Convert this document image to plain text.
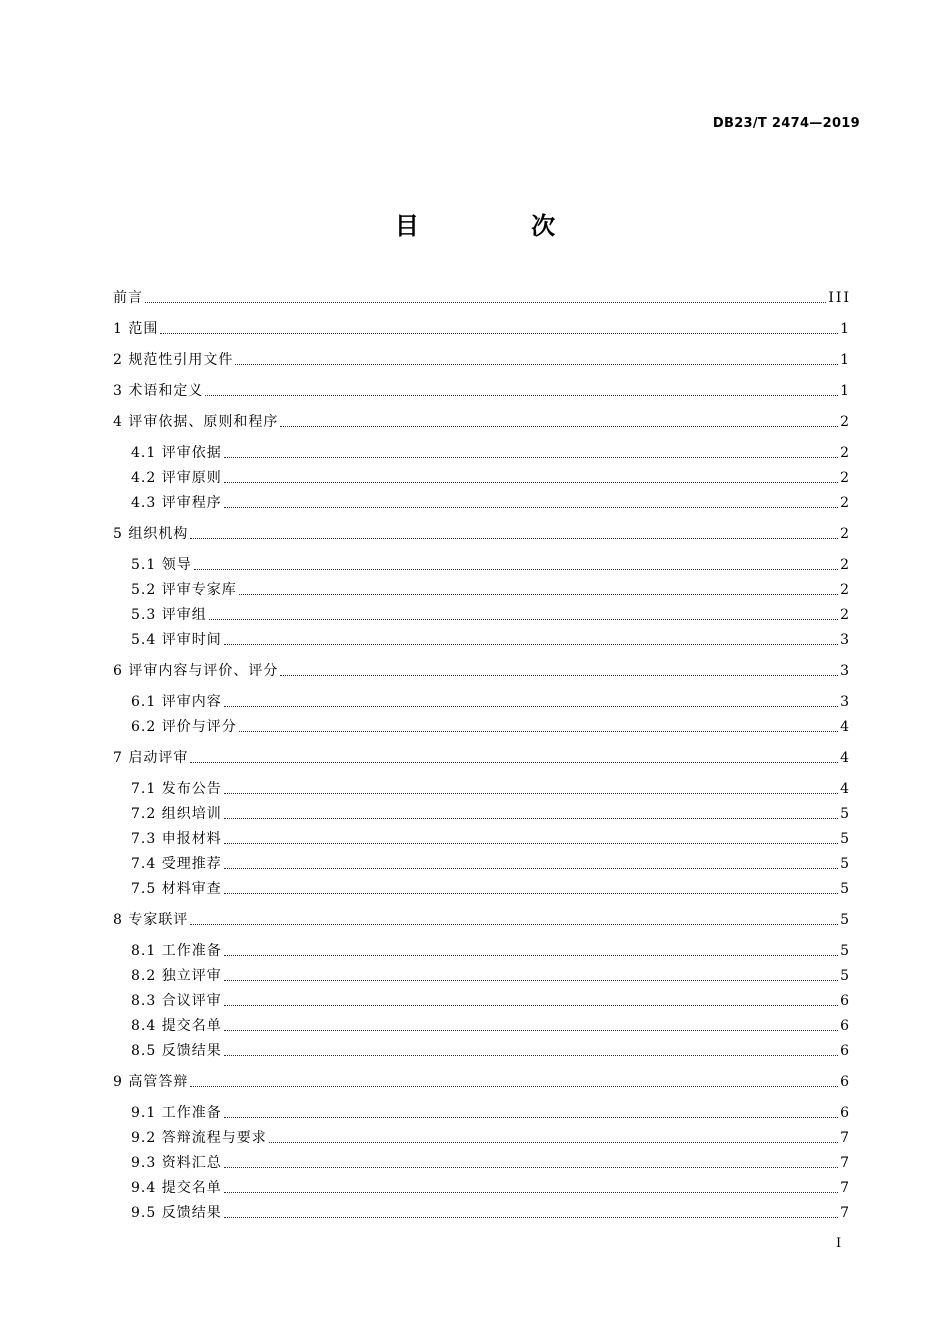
DB23/T 2474—2019
目 次
前言	III
1 范围	1
2 规范性引用文件	1
3 术语和定义	1
4 评审依据、原则和程序	2
4.1 评审依据	2
4.2 评审原则	2
4.3 评审程序	2
5 组织机构	2
5.1 领导	2
5.2 评审专家库	2
5.3 评审组	2
5.4 评审时间	3
6 评审内容与评价、评分	3
6.1 评审内容	3
6.2 评价与评分	4
7 启动评审	4
7.1 发布公告	4
7.2 组织培训	5
7.3 申报材料	5
7.4 受理推荐	5
7.5 材料审查	5
8 专家联评	5
8.1 工作准备	5
8.2 独立评审	5
8.3 合议评审	6
8.4 提交名单	6
8.5 反馈结果	6
9 高管答辩	6
9.1 工作准备	6
9.2 答辩流程与要求	7
9.3 资料汇总	7
9.4 提交名单	7
9.5 反馈结果	7
I
